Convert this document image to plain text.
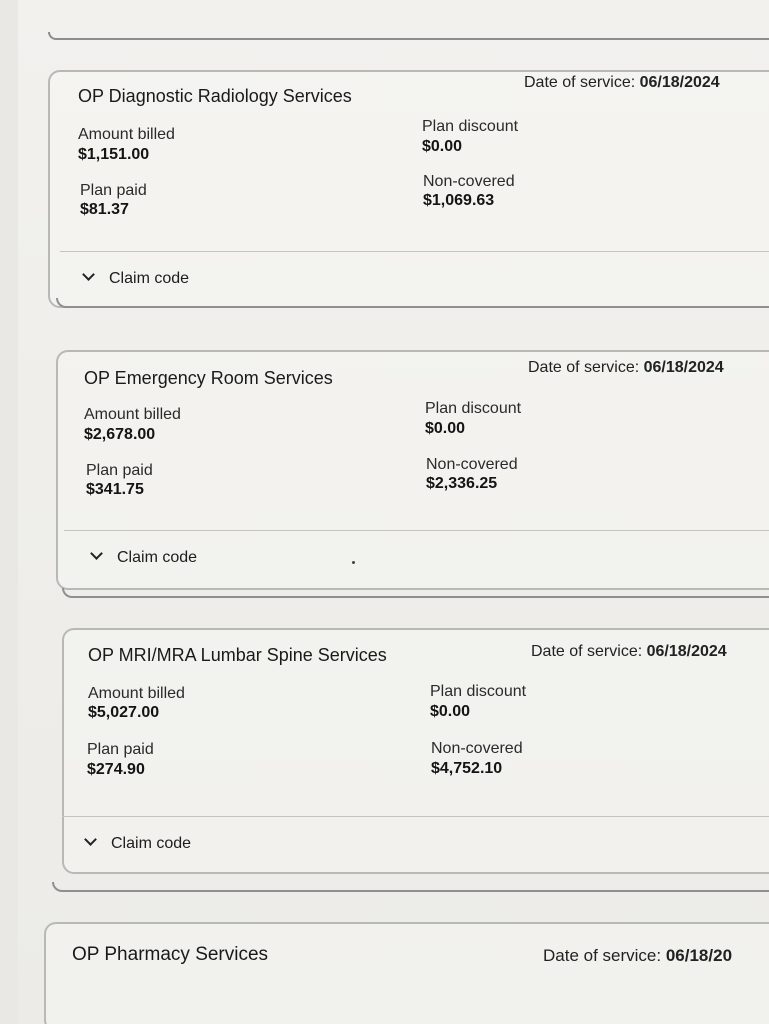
OP Diagnostic Radiology Services
Date of service: 06/18/2024
Amount billed
$1,151.00
Plan discount
$0.00
Plan paid
$81.37
Non-covered
$1,069.63
Claim code
OP Emergency Room Services
Date of service: 06/18/2024
Amount billed
$2,678.00
Plan discount
$0.00
Plan paid
$341.75
Non-covered
$2,336.25
Claim code
OP MRI/MRA Lumbar Spine Services	Date of service: 06/18/2024
Amount billed
$5,027.00
Plan discount
$0.00
Plan paid
$274.90
Non-covered
$4,752.10
Claim code
OP Pharmacy Services	Date of service: 06/18/20
